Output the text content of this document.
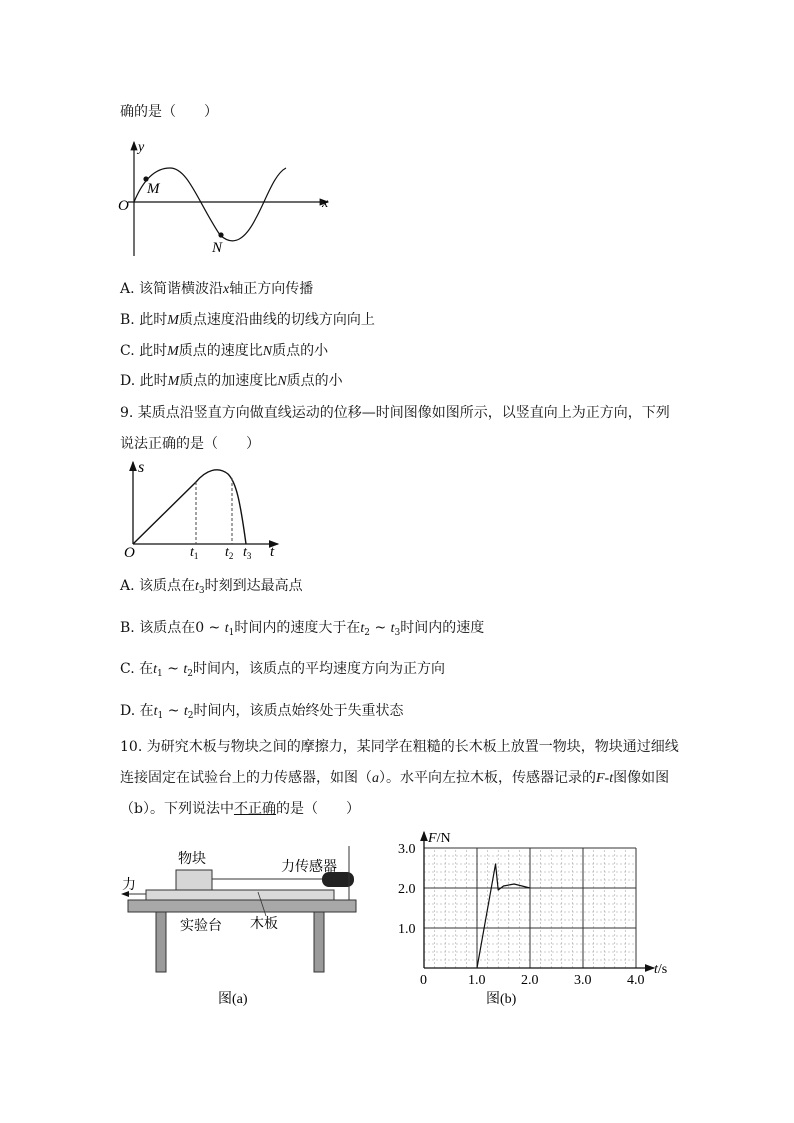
确的是（　　）
y
x
O
M
N
A. 该简谐横波沿x轴正方向传播
B. 此时M质点速度沿曲线的切线方向向上
C. 此时M质点的速度比N质点的小
D. 此时M质点的加速度比N质点的小
9. 某质点沿竖直方向做直线运动的位移—时间图像如图所示，以竖直向上为正方向，下列
说法正确的是（　　）
s
t
O	$t_1$ $t_2$ $t_3$
A. 该质点在$t_3$时刻到达最高点
B. 该质点在0 ~ $t_1$时间内的速度大于在$t_2$ ~ $t_3$时间内的速度
C. 在$t_1$ ~ $t_2$时间内，该质点的平均速度方向为正方向
D. 在$t_1$ ~ $t_2$时间内，该质点始终处于失重状态
10. 为研究木板与物块之间的摩擦力，某同学在粗糙的长木板上放置一物块，物块通过细线
连接固定在试验台上的力传感器，如图（a）。水平向左拉木板，传感器记录的F-t图像如图
（b）。下列说法中不正确的是（　　）
物块
力传感器
力
实验台 木板
图(a)
0	1.0	2.0	3.0	4.0
1.0
2.0
3.0
F/N
t/s
图(b)
